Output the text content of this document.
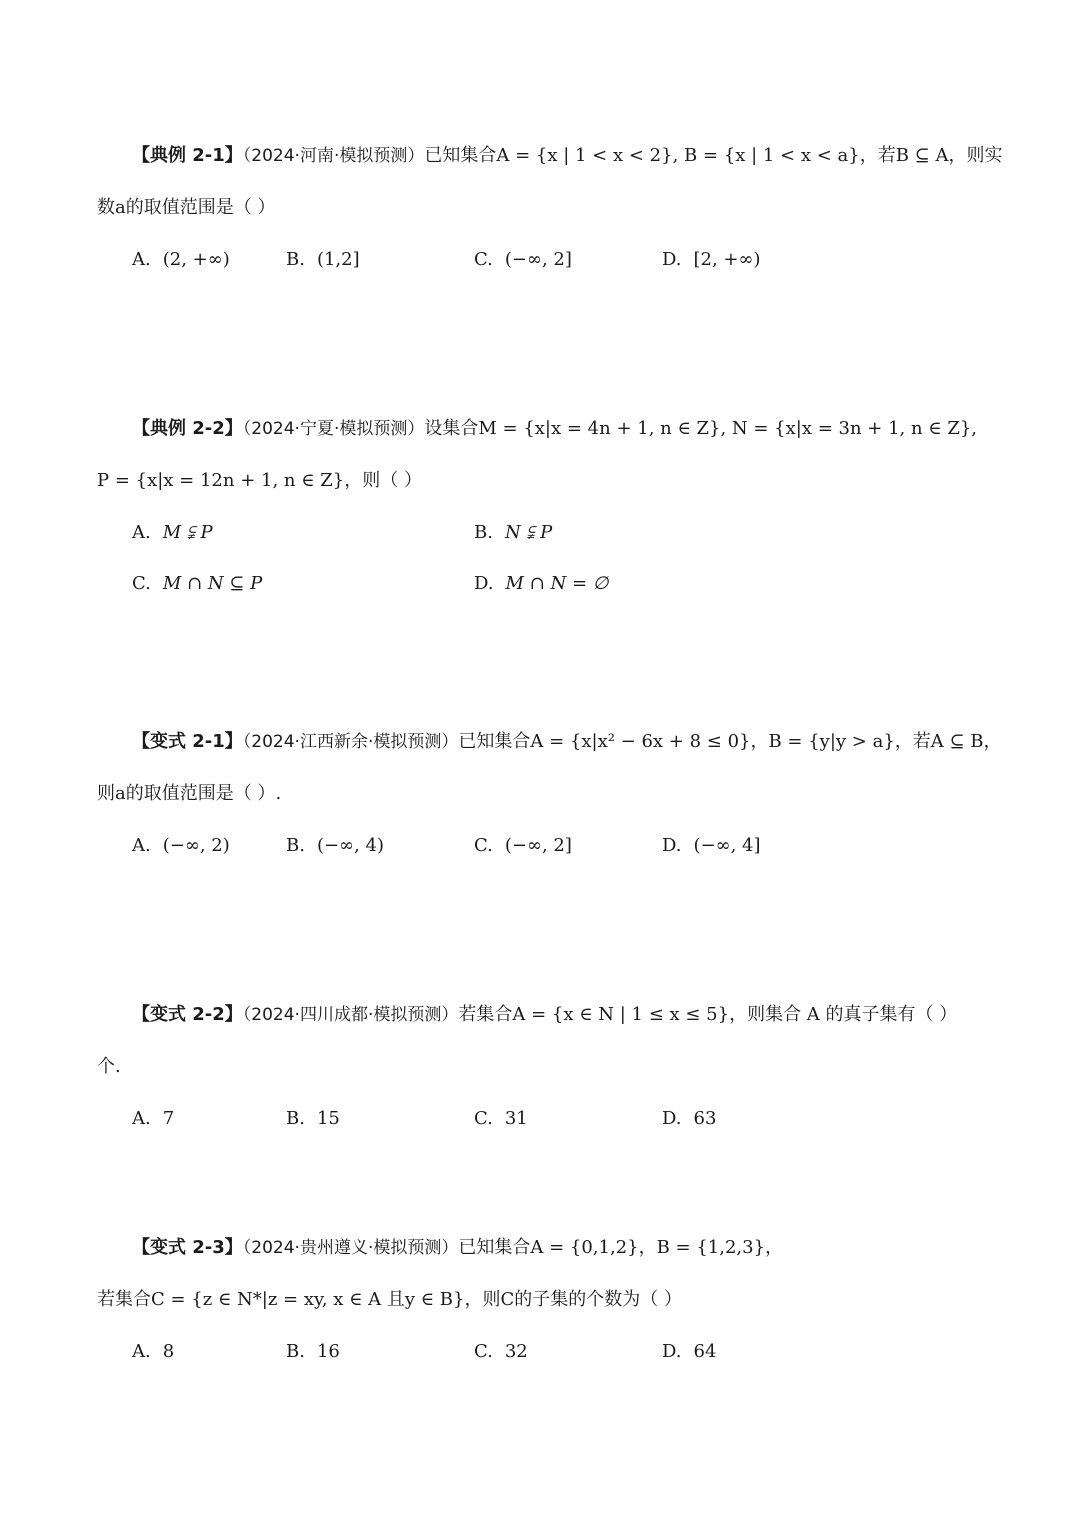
【典例 2-1】（2024·河南·模拟预测）已知集合A = {x | 1 < x < 2}, B = {x | 1 < x < a}，若B ⊆ A，则实
数a的取值范围是（ ）
A. (2, +∞)	B. (1,2]	C. (−∞, 2]	D. [2, +∞)
【典例 2-2】（2024·宁夏·模拟预测）设集合M = {x|x = 4n + 1, n ∈ Z}, N = {x|x = 3n + 1, n ∈ Z},
P = {x|x = 12n + 1, n ∈ Z}，则（ ）
A. M ⫋ P	B. N ⫋ P
C. M ∩ N ⊆ P	D. M ∩ N = ∅
【变式 2-1】（2024·江西新余·模拟预测）已知集合A = {x|x² − 6x + 8 ≤ 0}，B = {y|y > a}，若A ⊆ B，
则a的取值范围是（ ）.
A. (−∞, 2)	B. (−∞, 4)	C. (−∞, 2]	D. (−∞, 4]
【变式 2-2】（2024·四川成都·模拟预测）若集合A = {x ∈ N | 1 ≤ x ≤ 5}，则集合 A 的真子集有（ ）
个.
A. 7	B. 15	C. 31	D. 63
【变式 2-3】（2024·贵州遵义·模拟预测）已知集合A = {0,1,2}，B = {1,2,3}，
若集合C = {z ∈ N*|z = xy, x ∈ A 且y ∈ B}，则C的子集的个数为（ ）
A. 8	B. 16	C. 32	D. 64
